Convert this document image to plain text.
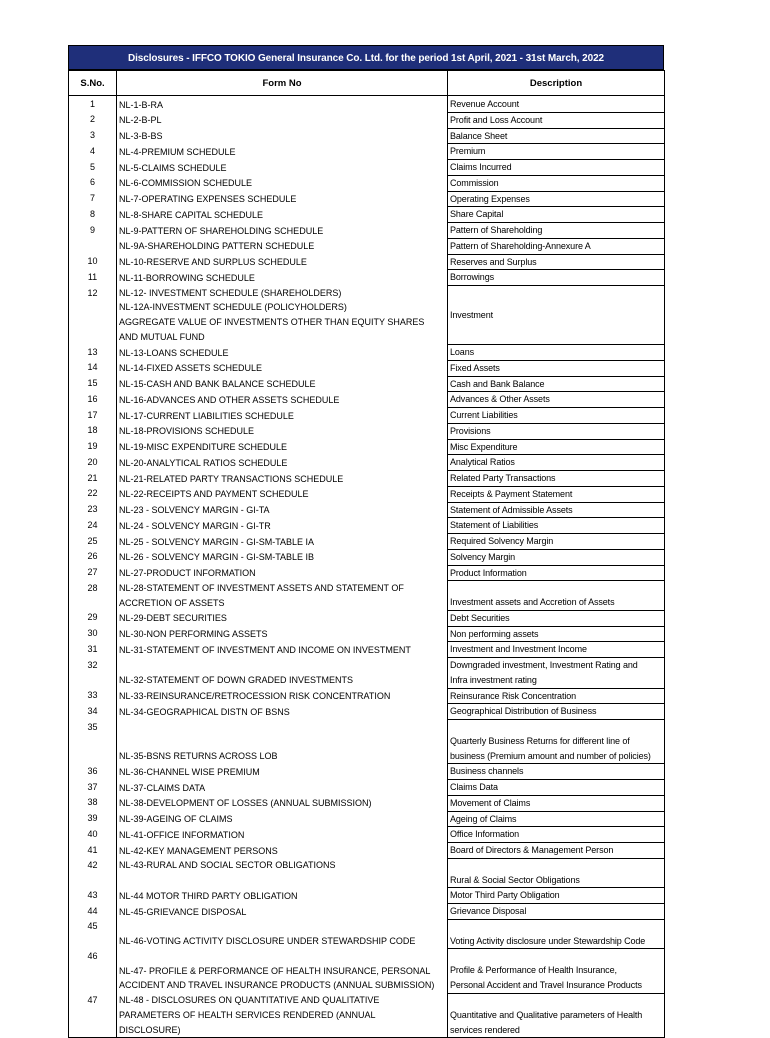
Disclosures - IFFCO TOKIO General Insurance Co. Ltd. for the period 1st April, 2021 - 31st March, 2022
S.No.	Form No	Description
1	NL-1-B-RA	Revenue Account
2	NL-2-B-PL	Profit and Loss Account
3	NL-3-B-BS	Balance Sheet
4	NL-4-PREMIUM SCHEDULE	Premium
5	NL-5-CLAIMS SCHEDULE	Claims Incurred
6	NL-6-COMMISSION SCHEDULE	Commission
7	NL-7-OPERATING EXPENSES SCHEDULE	Operating Expenses
8	NL-8-SHARE CAPITAL SCHEDULE	Share Capital
9	NL-9-PATTERN OF SHAREHOLDING SCHEDULE	Pattern of Shareholding
	NL-9A-SHAREHOLDING PATTERN SCHEDULE	Pattern of Shareholding-Annexure A
10	NL-10-RESERVE AND SURPLUS SCHEDULE	Reserves and Surplus
11	NL-11-BORROWING SCHEDULE	Borrowings
12	NL-12- INVESTMENT SCHEDULE (SHAREHOLDERS)
NL-12A-INVESTMENT SCHEDULE (POLICYHOLDERS)
AGGREGATE VALUE OF INVESTMENTS OTHER THAN EQUITY SHARES
AND MUTUAL FUND	Investment
13	NL-13-LOANS SCHEDULE	Loans
14	NL-14-FIXED ASSETS SCHEDULE	Fixed Assets
15	NL-15-CASH AND BANK BALANCE SCHEDULE	Cash and Bank Balance
16	NL-16-ADVANCES AND OTHER ASSETS SCHEDULE	Advances & Other Assets
17	NL-17-CURRENT LIABILITIES SCHEDULE	Current Liabilities
18	NL-18-PROVISIONS SCHEDULE	Provisions
19	NL-19-MISC EXPENDITURE SCHEDULE	Misc Expenditure
20	NL-20-ANALYTICAL RATIOS SCHEDULE	Analytical Ratios
21	NL-21-RELATED PARTY TRANSACTIONS SCHEDULE	Related Party Transactions
22	NL-22-RECEIPTS AND PAYMENT SCHEDULE	Receipts & Payment Statement
23	NL-23 - SOLVENCY MARGIN - GI-TA	Statement of Admissible Assets
24	NL-24 - SOLVENCY MARGIN - GI-TR	Statement of Liabilities
25	NL-25 - SOLVENCY MARGIN - GI-SM-TABLE IA	Required Solvency Margin
26	NL-26 - SOLVENCY MARGIN - GI-SM-TABLE IB	Solvency Margin
27	NL-27-PRODUCT INFORMATION	Product Information
28	NL-28-STATEMENT OF INVESTMENT ASSETS AND STATEMENT OF
ACCRETION OF ASSETS	Investment assets and Accretion of Assets
29	NL-29-DEBT SECURITIES	Debt Securities
30	NL-30-NON PERFORMING ASSETS	Non performing assets
31	NL-31-STATEMENT OF INVESTMENT AND INCOME ON INVESTMENT	Investment and Investment Income
32	NL-32-STATEMENT OF DOWN GRADED INVESTMENTS	Downgraded investment, Investment Rating and
Infra investment rating
33	NL-33-REINSURANCE/RETROCESSION RISK CONCENTRATION	Reinsurance Risk Concentration
34	NL-34-GEOGRAPHICAL DISTN OF BSNS	Geographical Distribution of Business
35	NL-35-BSNS RETURNS ACROSS LOB	Quarterly Business Returns for different line of
business (Premium amount and number of policies)
36	NL-36-CHANNEL WISE PREMIUM	Business channels
37	NL-37-CLAIMS DATA	Claims Data
38	NL-38-DEVELOPMENT OF LOSSES (ANNUAL SUBMISSION)	Movement of Claims
39	NL-39-AGEING OF CLAIMS	Ageing of Claims
40	NL-41-OFFICE INFORMATION	Office Information
41	NL-42-KEY MANAGEMENT PERSONS	Board of Directors & Management Person
42	NL-43-RURAL AND SOCIAL SECTOR OBLIGATIONS	Rural & Social Sector Obligations
43	NL-44 MOTOR THIRD PARTY OBLIGATION	Motor Third Party Obligation
44	NL-45-GRIEVANCE DISPOSAL	Grievance Disposal
45	NL-46-VOTING ACTIVITY DISCLOSURE UNDER STEWARDSHIP CODE	Voting Activity disclosure under Stewardship Code
46	NL-47- PROFILE & PERFORMANCE OF HEALTH INSURANCE, PERSONAL
ACCIDENT AND TRAVEL INSURANCE PRODUCTS (ANNUAL SUBMISSION)	Profile & Performance of Health Insurance,
Personal Accident and Travel Insurance Products
47	NL-48 - DISCLOSURES ON QUANTITATIVE AND QUALITATIVE
PARAMETERS OF HEALTH SERVICES RENDERED (ANNUAL
DISCLOSURE)	Quantitative and Qualitative parameters of Health
services rendered
